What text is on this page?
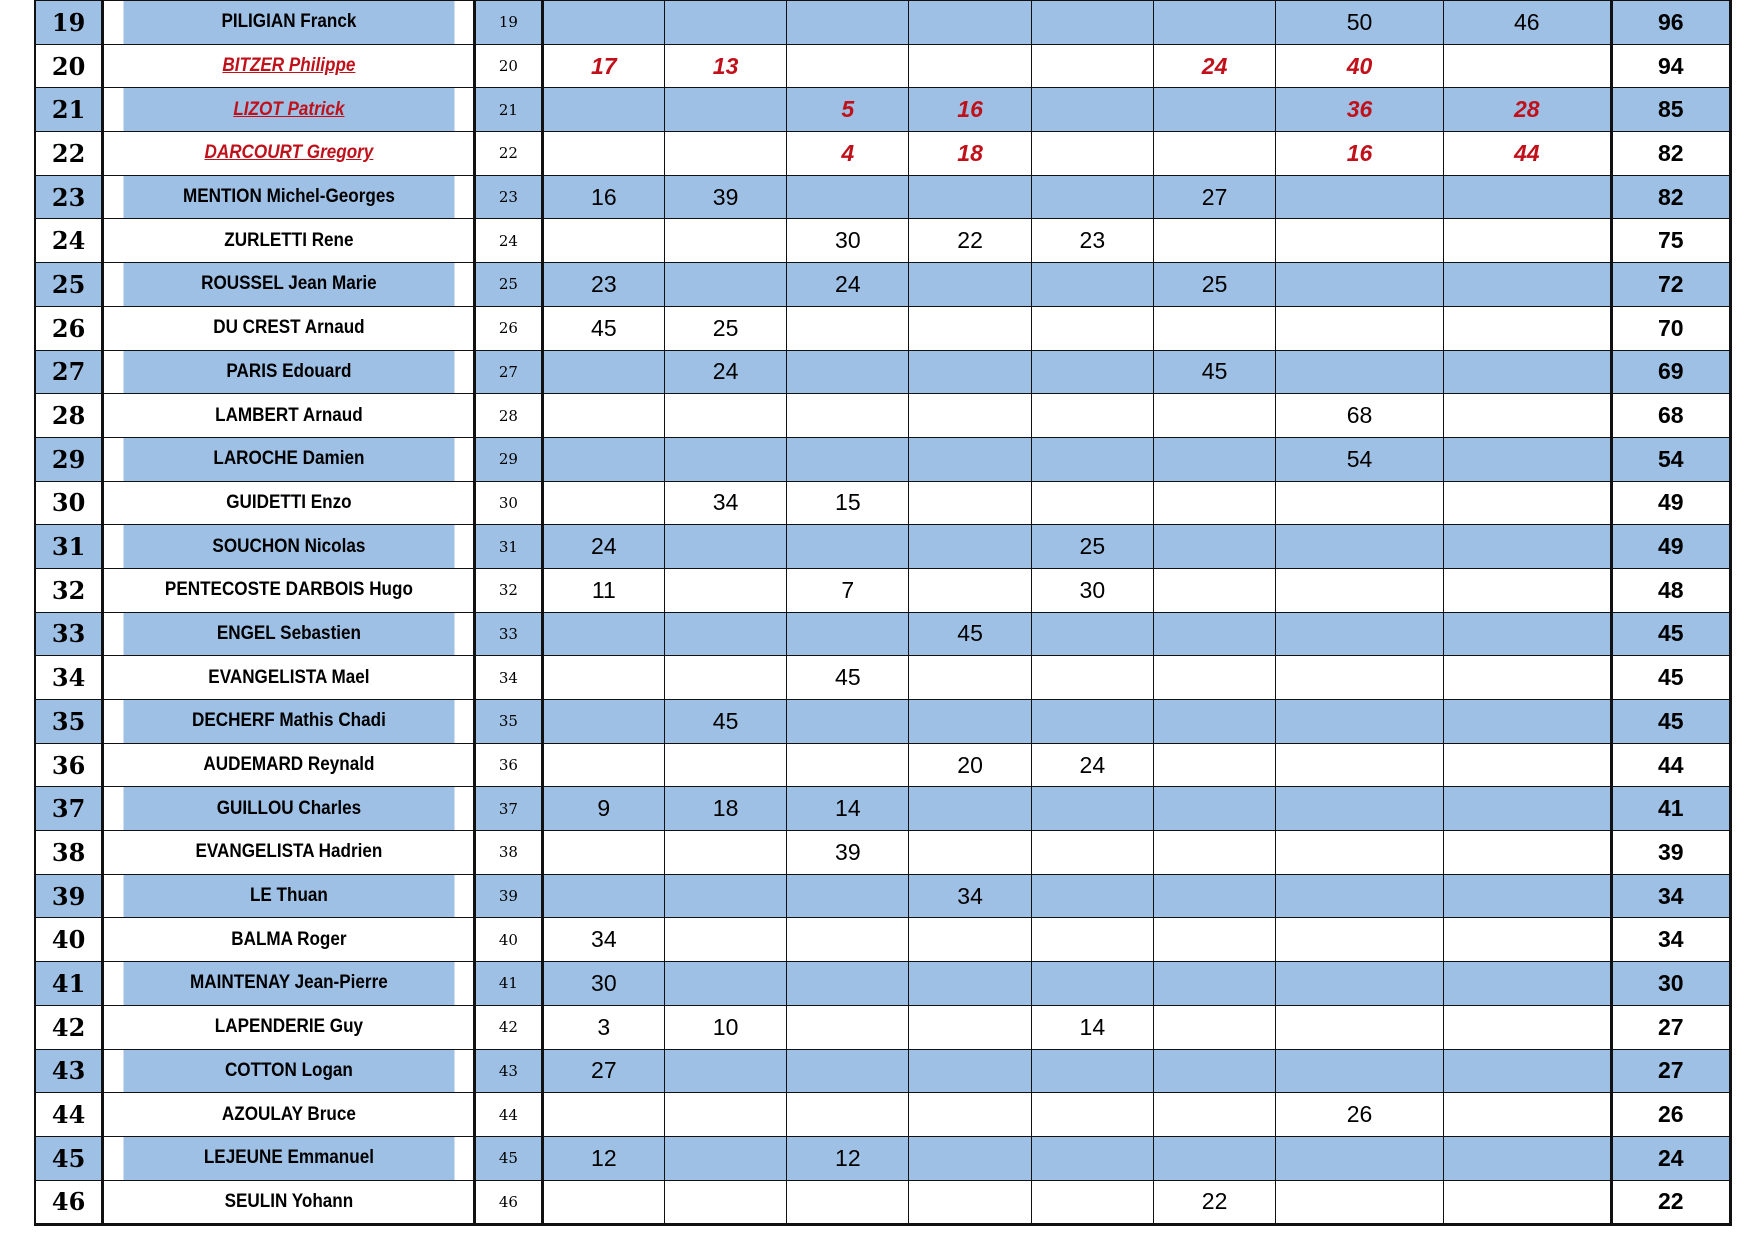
19	PILIGIAN Franck	19							50	46	96
20	BITZER Philippe	20	17	13				24	40		94
21	LIZOT Patrick	21			5	16			36	28	85
22	DARCOURT Gregory	22			4	18			16	44	82
23	MENTION Michel-Georges	23	16	39				27			82
24	ZURLETTI Rene	24			30	22	23				75
25	ROUSSEL Jean Marie	25	23		24			25			72
26	DU CREST Arnaud	26	45	25							70
27	PARIS Edouard	27		24				45			69
28	LAMBERT Arnaud	28							68		68
29	LAROCHE Damien	29							54		54
30	GUIDETTI Enzo	30		34	15						49
31	SOUCHON Nicolas	31	24				25				49
32	PENTECOSTE DARBOIS Hugo	32	11		7		30				48
33	ENGEL Sebastien	33				45					45
34	EVANGELISTA Mael	34			45						45
35	DECHERF Mathis Chadi	35		45							45
36	AUDEMARD Reynald	36				20	24				44
37	GUILLOU Charles	37	9	18	14						41
38	EVANGELISTA Hadrien	38			39						39
39	LE Thuan	39				34					34
40	BALMA Roger	40	34								34
41	MAINTENAY Jean-Pierre	41	30								30
42	LAPENDERIE Guy	42	3	10			14				27
43	COTTON Logan	43	27								27
44	AZOULAY Bruce	44							26		26
45	LEJEUNE Emmanuel	45	12		12						24
46	SEULIN Yohann	46						22			22
